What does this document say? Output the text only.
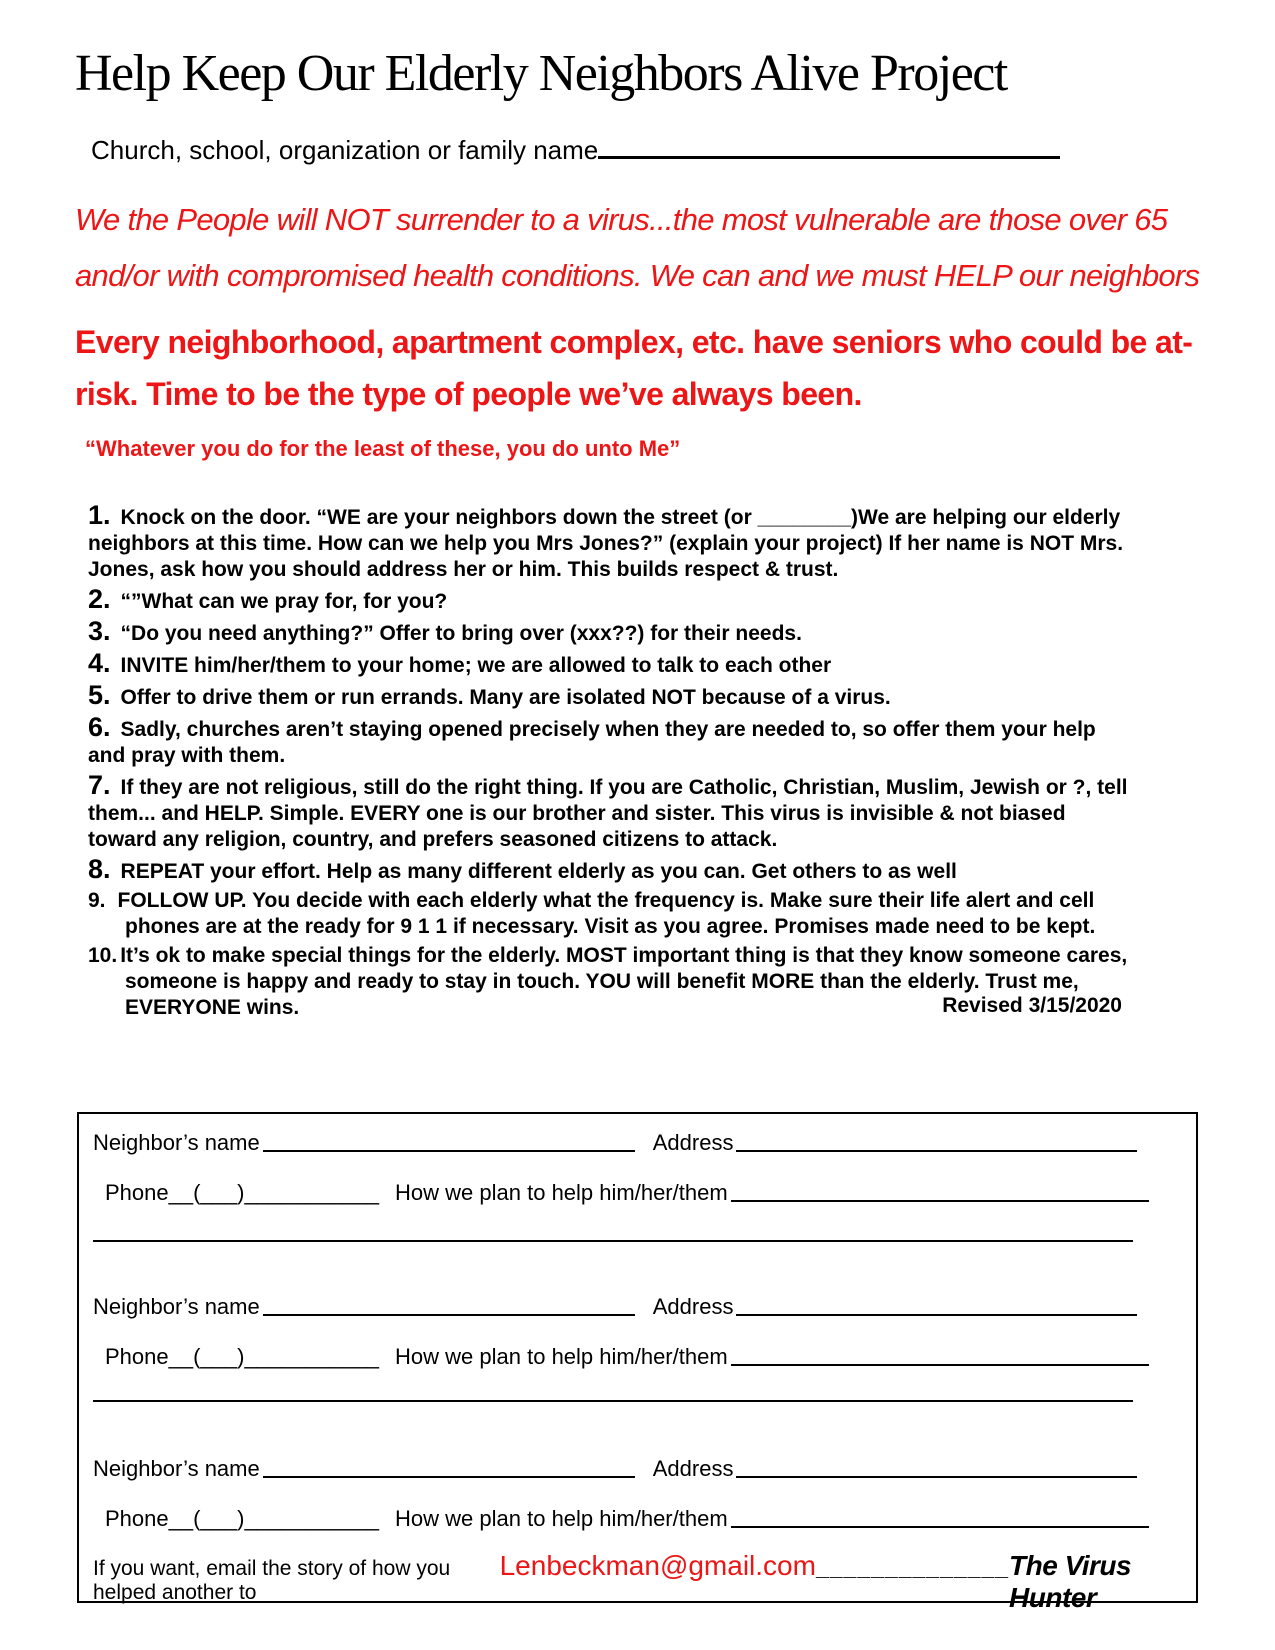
Help Keep Our Elderly Neighbors Alive Project
Church, school, organization or family name
We the People will NOT surrender to a virus...the most vulnerable are those over 65 and/or with compromised health conditions. We can and we must HELP our neighbors
Every neighborhood, apartment complex, etc. have seniors who could be at-risk. Time to be the type of people we’ve always been.
“Whatever you do for the least of these, you do unto Me”

1. Knock on the door. “WE are your neighbors down the street (or ________)We are helping our elderly neighbors at this time. How can we help you Mrs Jones?” (explain your project) If her name is NOT Mrs. Jones, ask how you should address her or him. This builds respect & trust.

2. “”What can we pray for, for you?

3. “Do you need anything?” Offer to bring over (xxx??) for their needs.

4. INVITE him/her/them to your home; we are allowed to talk to each other

5. Offer to drive them or run errands. Many are isolated NOT because of a virus.

6. Sadly, churches aren’t staying opened precisely when they are needed to, so offer them your help and pray with them.

7. If they are not religious, still do the right thing. If you are Catholic, Christian, Muslim, Jewish or ?, tell them... and HELP. Simple. EVERY one is our brother and sister. This virus is invisible & not biased toward any religion, country, and prefers seasoned citizens to attack.

8. REPEAT your effort. Help as many different elderly as you can. Get others to as well

9. FOLLOW UP. You decide with each elderly what the frequency is. Make sure their life alert and cell phones are at the ready for 9 1 1 if necessary. Visit as you agree. Promises made need to be kept.

10. It’s ok to make special things for the elderly. MOST important thing is that they know someone cares, someone is happy and ready to stay in touch. YOU will benefit MORE than the elderly. Trust me, EVERYONE wins.	Revised 3/15/2020

Neighbor’s name	Address
Phone__(___)___________ How we plan to help him/her/them
Neighbor’s name	Address
Phone__(___)___________ How we plan to help him/her/them
Neighbor’s name	Address
Phone__(___)___________ How we plan to help him/her/them
If you want, email the story of how you helped another to
Lenbeckman@gmail.com ______________ The Virus Hunter
